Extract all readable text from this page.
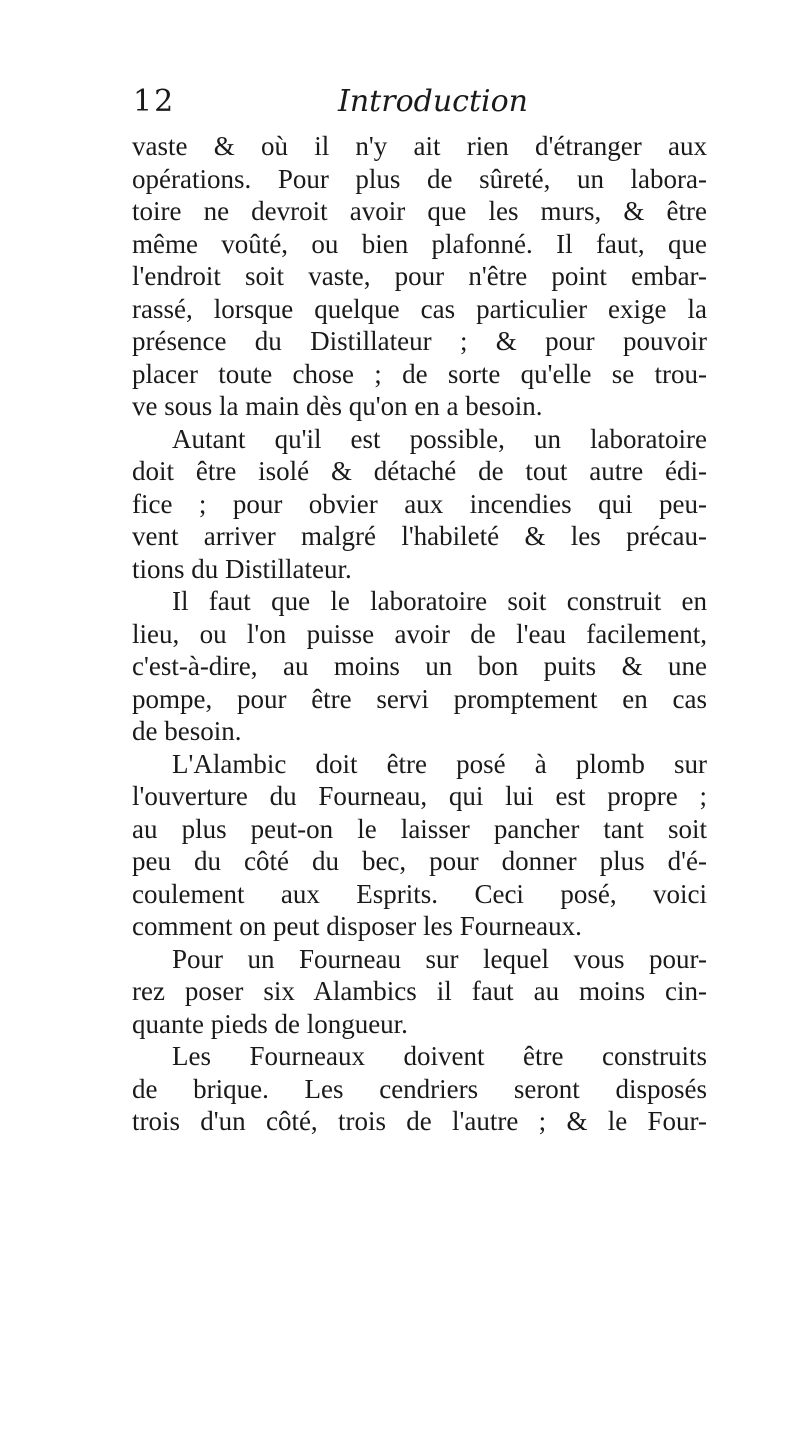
12	Introduction
vaste & où il n'y ait rien d'étranger aux
opérations. Pour plus de sûreté, un labora-
toire ne devroit avoir que les murs, & être
même voûté, ou bien plafonné. Il faut, que
l'endroit soit vaste, pour n'être point embar-
rassé, lorsque quelque cas particulier exige la
présence du Distillateur ; & pour pouvoir
placer toute chose ; de sorte qu'elle se trou-
ve sous la main dès qu'on en a besoin.
Autant qu'il est possible, un laboratoire
doit être isolé & détaché de tout autre édi-
fice ; pour obvier aux incendies qui peu-
vent arriver malgré l'habileté & les précau-
tions du Distillateur.
Il faut que le laboratoire soit construit en
lieu, ou l'on puisse avoir de l'eau facilement,
c'est-à-dire, au moins un bon puits & une
pompe, pour être servi promptement en cas
de besoin.
L'Alambic doit être posé à plomb sur
l'ouverture du Fourneau, qui lui est propre ;
au plus peut-on le laisser pancher tant soit
peu du côté du bec, pour donner plus d'é-
coulement aux Esprits. Ceci posé, voici
comment on peut disposer les Fourneaux.
Pour un Fourneau sur lequel vous pour-
rez poser six Alambics il faut au moins cin-
quante pieds de longueur.
Les Fourneaux doivent être construits
de brique. Les cendriers seront disposés
trois d'un côté, trois de l'autre ; & le Four-
